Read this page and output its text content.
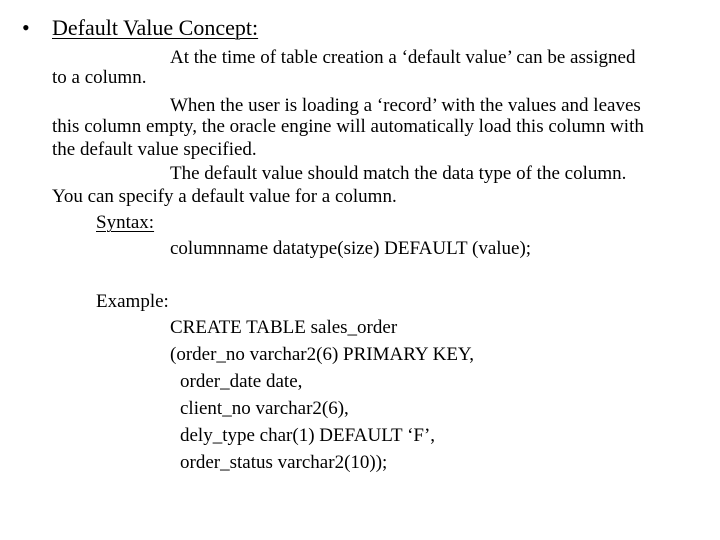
• Default Value Concept:
At the time of table creation a ‘default value’ can be assigned
to a column.
When the user is loading a ‘record’ with the values and leaves
this column empty, the oracle engine will automatically load this column with
the default value specified.
The default value should match the data type of the column.
You can specify a default value for a column.
Syntax:
columnname datatype(size) DEFAULT (value);
Example:
CREATE TABLE sales_order
(order_no varchar2(6) PRIMARY KEY,
order_date date,
client_no varchar2(6),
dely_type char(1) DEFAULT ‘F’,
order_status varchar2(10));
